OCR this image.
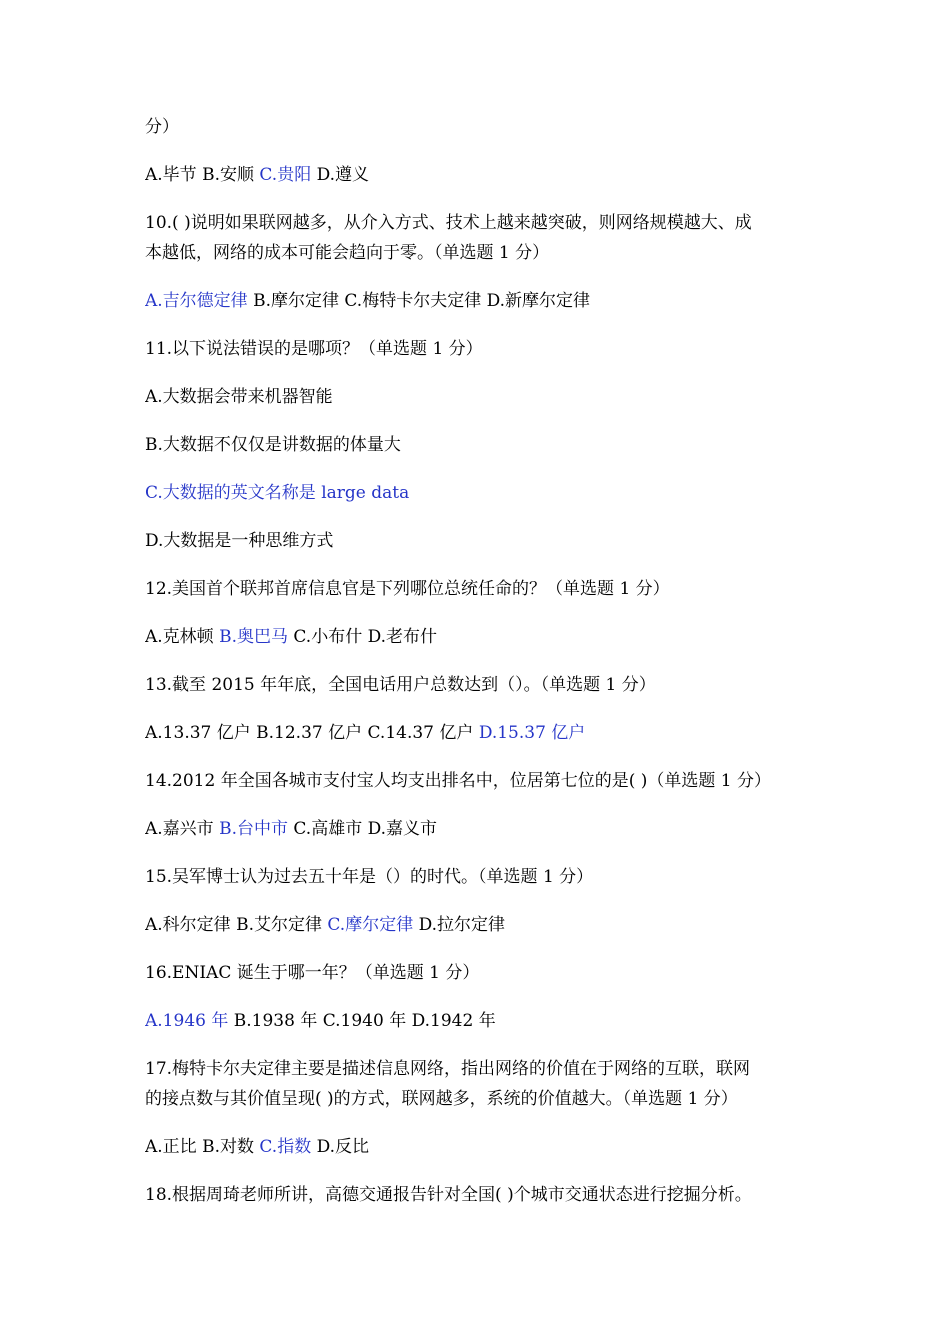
分）
A.毕节 B.安顺 C.贵阳 D.遵义
10.( )说明如果联网越多，从介入方式、技术上越来越突破，则网络规模越大、成
本越低，网络的成本可能会趋向于零。（单选题 1 分）
A.吉尔德定律 B.摩尔定律 C.梅特卡尔夫定律 D.新摩尔定律
11.以下说法错误的是哪项？（单选题 1 分）
A.大数据会带来机器智能
B.大数据不仅仅是讲数据的体量大
C.大数据的英文名称是 large data
D.大数据是一种思维方式
12.美国首个联邦首席信息官是下列哪位总统任命的？（单选题 1 分）
A.克林顿 B.奥巴马 C.小布什 D.老布什
13.截至 2015 年年底，全国电话用户总数达到（）。（单选题 1 分）
A.13.37 亿户 B.12.37 亿户 C.14.37 亿户 D.15.37 亿户
14.2012 年全国各城市支付宝人均支出排名中，位居第七位的是( )（单选题 1 分）
A.嘉兴市 B.台中市 C.高雄市 D.嘉义市
15.吴军博士认为过去五十年是（）的时代。（单选题 1 分）
A.科尔定律 B.艾尔定律 C.摩尔定律 D.拉尔定律
16.ENIAC 诞生于哪一年？（单选题 1 分）
A.1946 年 B.1938 年 C.1940 年 D.1942 年
17.梅特卡尔夫定律主要是描述信息网络，指出网络的价值在于网络的互联，联网
的接点数与其价值呈现( )的方式，联网越多，系统的价值越大。（单选题 1 分）
A.正比 B.对数 C.指数 D.反比
18.根据周琦老师所讲，高德交通报告针对全国( )个城市交通状态进行挖掘分析。
